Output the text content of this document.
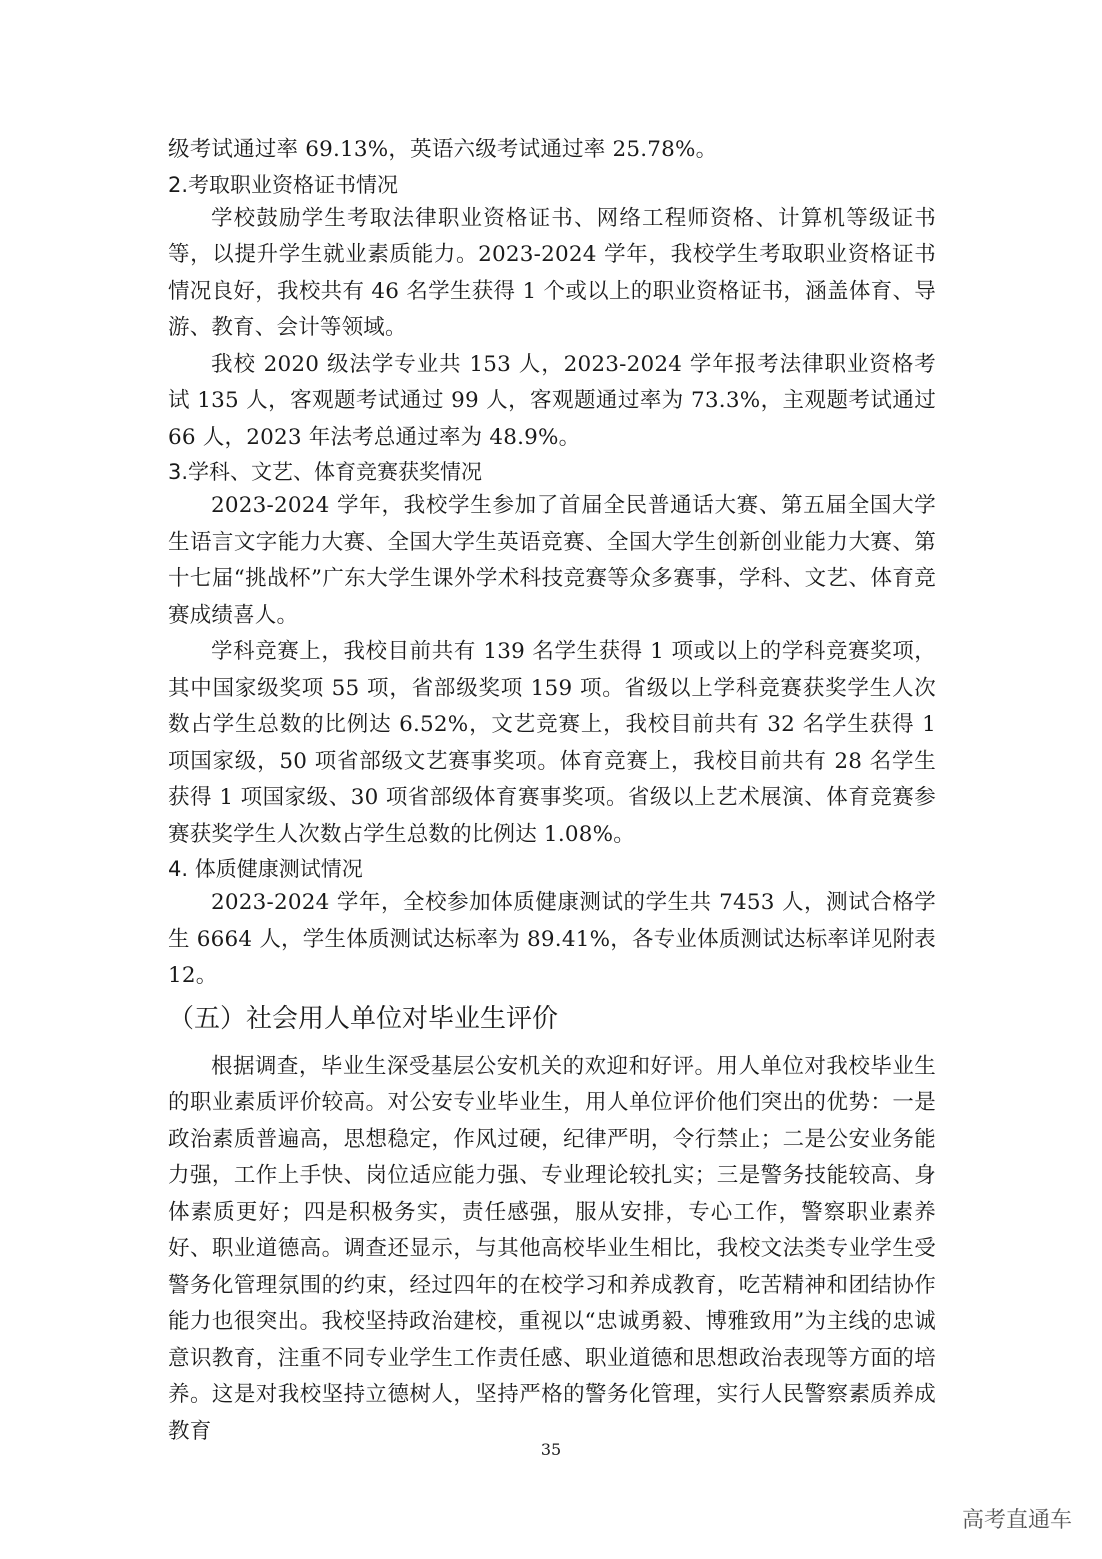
级考试通过率 69.13%，英语六级考试通过率 25.78%。

2.考取职业资格证书情况

学校鼓励学生考取法律职业资格证书、网络工程师资格、计算机等级证书等，以提升学生就业素质能力。2023-2024 学年，我校学生考取职业资格证书情况良好，我校共有 46 名学生获得 1 个或以上的职业资格证书，涵盖体育、导游、教育、会计等领域。

我校 2020 级法学专业共 153 人，2023-2024 学年报考法律职业资格考试 135 人，客观题考试通过 99 人，客观题通过率为 73.3%，主观题考试通过 66 人，2023 年法考总通过率为 48.9%。

3.学科、文艺、体育竞赛获奖情况

2023-2024 学年，我校学生参加了首届全民普通话大赛、第五届全国大学生语言文字能力大赛、全国大学生英语竞赛、全国大学生创新创业能力大赛、第十七届“挑战杯”广东大学生课外学术科技竞赛等众多赛事，学科、文艺、体育竞赛成绩喜人。

学科竞赛上，我校目前共有 139 名学生获得 1 项或以上的学科竞赛奖项，其中国家级奖项 55 项，省部级奖项 159 项。省级以上学科竞赛获奖学生人次数占学生总数的比例达 6.52%，文艺竞赛上，我校目前共有 32 名学生获得 1 项国家级，50 项省部级文艺赛事奖项。体育竞赛上，我校目前共有 28 名学生获得 1 项国家级、30 项省部级体育赛事奖项。省级以上艺术展演、体育竞赛参赛获奖学生人次数占学生总数的比例达 1.08%。

4. 体质健康测试情况

2023-2024 学年，全校参加体质健康测试的学生共 7453 人，测试合格学生 6664 人，学生体质测试达标率为 89.41%，各专业体质测试达标率详见附表 12。

（五）社会用人单位对毕业生评价

根据调查，毕业生深受基层公安机关的欢迎和好评。用人单位对我校毕业生的职业素质评价较高。对公安专业毕业生，用人单位评价他们突出的优势：一是政治素质普遍高，思想稳定，作风过硬，纪律严明，令行禁止；二是公安业务能力强，工作上手快、岗位适应能力强、专业理论较扎实；三是警务技能较高、身体素质更好；四是积极务实，责任感强，服从安排，专心工作，警察职业素养好、职业道德高。调查还显示，与其他高校毕业生相比，我校文法类专业学生受警务化管理氛围的约束，经过四年的在校学习和养成教育，吃苦精神和团结协作能力也很突出。我校坚持政治建校，重视以“忠诚勇毅、博雅致用”为主线的忠诚意识教育，注重不同专业学生工作责任感、职业道德和思想政治表现等方面的培养。这是对我校坚持立德树人，坚持严格的警务化管理，实行人民警察素质养成教育

35
高考直通车
